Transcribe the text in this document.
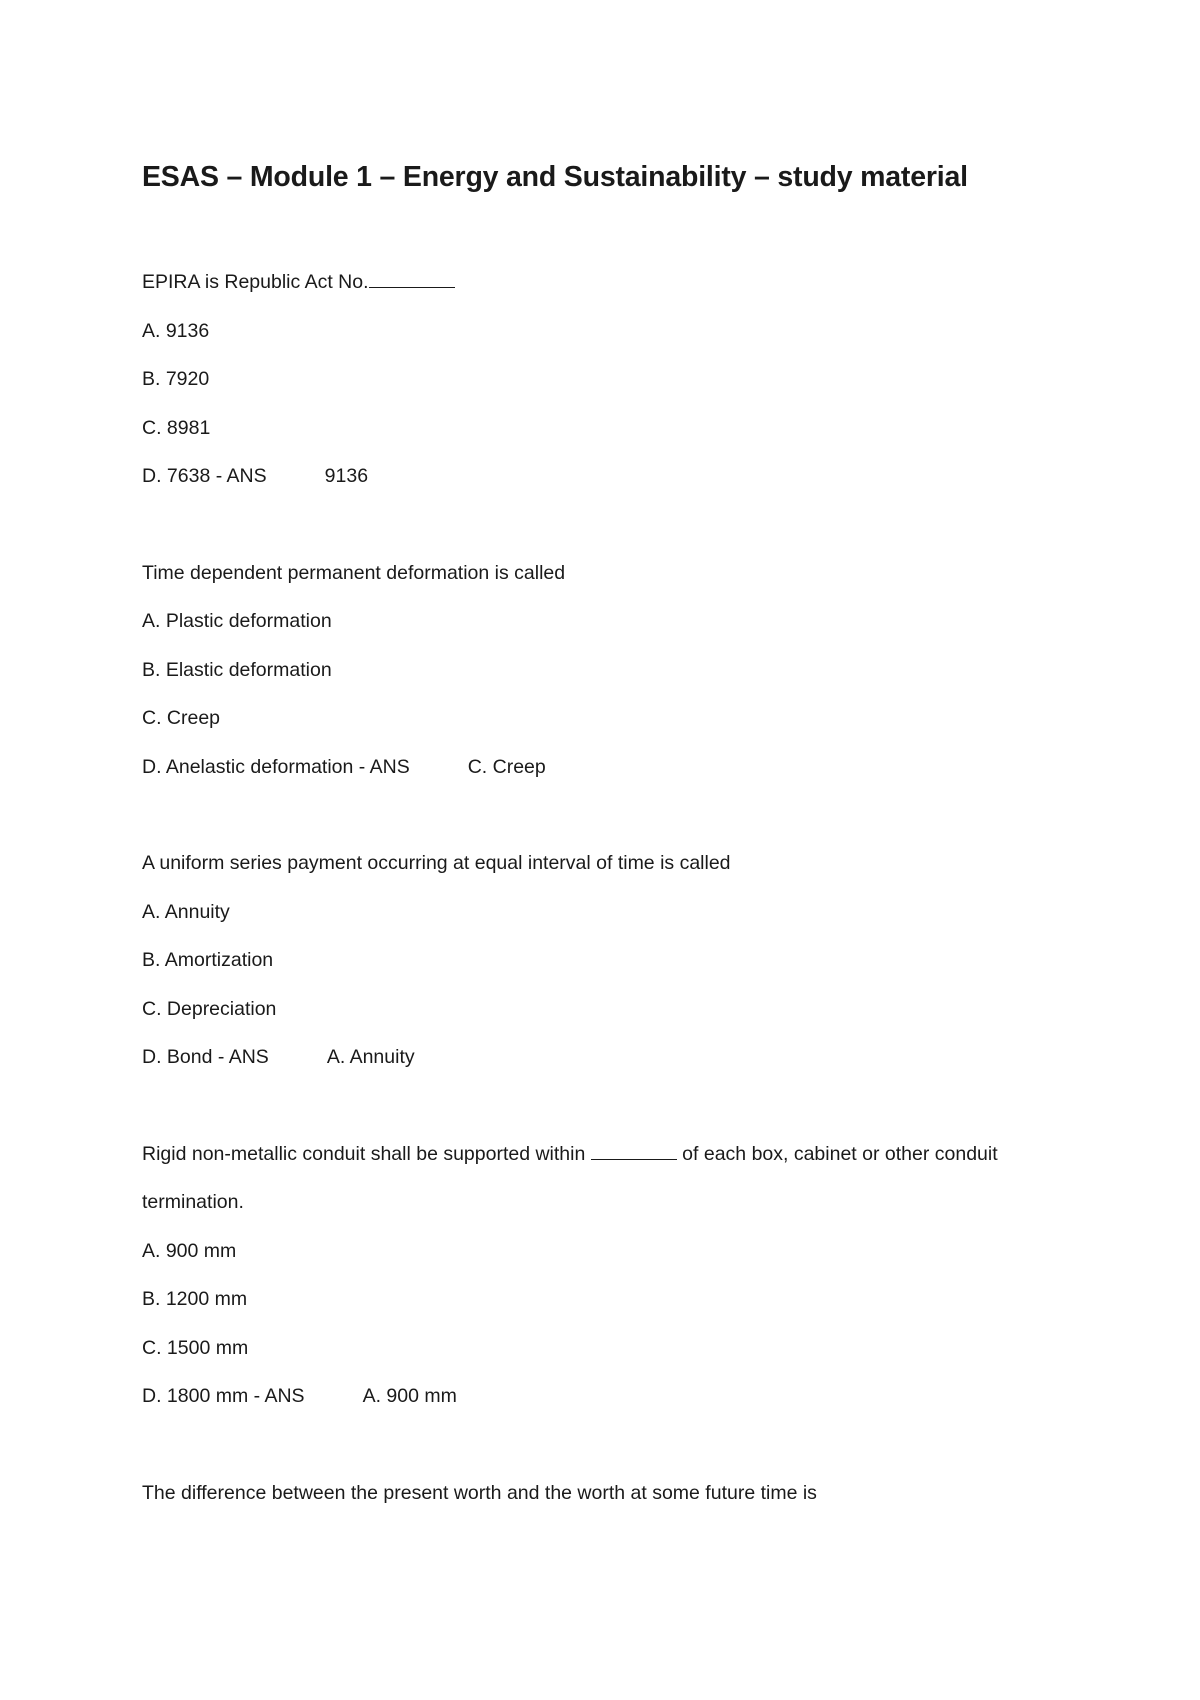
ESAS – Module 1 – Energy and Sustainability – study material
EPIRA is Republic Act No.
A. 9136
B. 7920
C. 8981
D. 7638 - ANS	9136
Time dependent permanent deformation is called
A. Plastic deformation
B. Elastic deformation
C. Creep
D. Anelastic deformation - ANS	C. Creep
A uniform series payment occurring at equal interval of time is called
A. Annuity
B. Amortization
C. Depreciation
D. Bond - ANS	A. Annuity
Rigid non-metallic conduit shall be supported within	of each box, cabinet or other conduit termination.
A. 900 mm
B. 1200 mm
C. 1500 mm
D. 1800 mm - ANS	A. 900 mm
The difference between the present worth and the worth at some future time is
